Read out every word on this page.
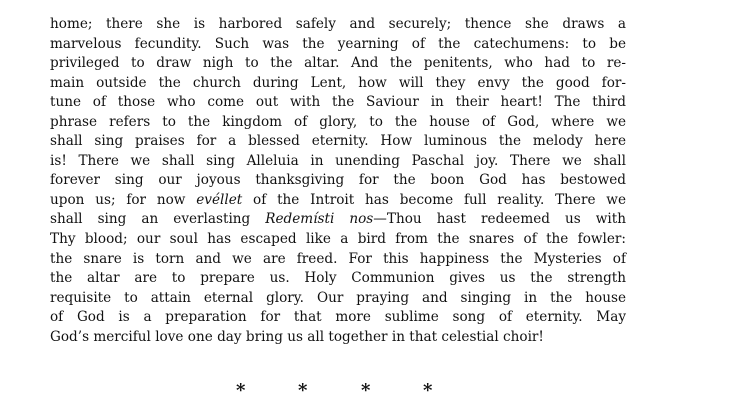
home; there she is harbored safely and securely; thence she draws a
marvelous fecundity. Such was the yearning of the catechumens: to be
privileged to draw nigh to the altar. And the penitents, who had to re-
main outside the church during Lent, how will they envy the good for-
tune of those who come out with the Saviour in their heart! The third
phrase refers to the kingdom of glory, to the house of God, where we
shall sing praises for a blessed eternity. How luminous the melody here
is! There we shall sing Alleluia in unending Paschal joy. There we shall
forever sing our joyous thanksgiving for the boon God has bestowed
upon us; for now evéllet of the Introit has become full reality. There we
shall sing an everlasting Redemísti nos—Thou hast redeemed us with
Thy blood; our soul has escaped like a bird from the snares of the fowler:
the snare is torn and we are freed. For this happiness the Mysteries of
the altar are to prepare us. Holy Communion gives us the strength
requisite to attain eternal glory. Our praying and singing in the house
of God is a preparation for that more sublime song of eternity. May
God’s merciful love one day bring us all together in that celestial choir!

*	*	*	*
